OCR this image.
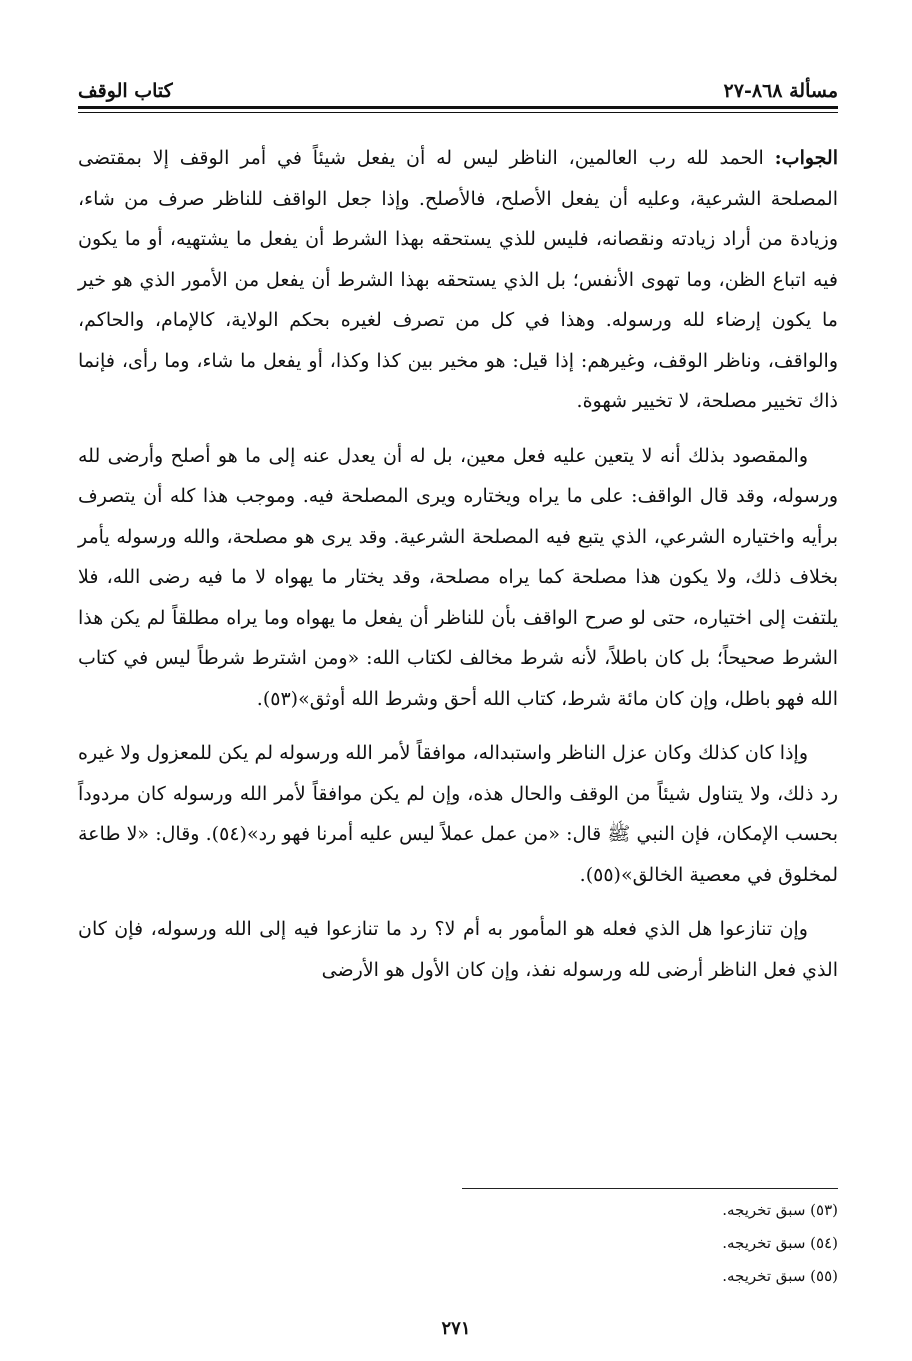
مسألة ٨٦٨-٢٧
كتاب الوقف

الجواب: الحمد لله رب العالمين، الناظر ليس له أن يفعل شيئاً في أمر الوقف إلا بمقتضى المصلحة الشرعية، وعليه أن يفعل الأصلح، فالأصلح. وإذا جعل الواقف للناظر صرف من شاء، وزيادة من أراد زيادته ونقصانه، فليس للذي يستحقه بهذا الشرط أن يفعل ما يشتهيه، أو ما يكون فيه اتباع الظن، وما تهوى الأنفس؛ بل الذي يستحقه بهذا الشرط أن يفعل من الأمور الذي هو خير ما يكون إرضاء لله ورسوله. وهذا في كل من تصرف لغيره بحكم الولاية، كالإمام، والحاكم، والواقف، وناظر الوقف، وغيرهم: إذا قيل: هو مخير بين كذا وكذا، أو يفعل ما شاء، وما رأى، فإنما ذاك تخيير مصلحة، لا تخيير شهوة.

والمقصود بذلك أنه لا يتعين عليه فعل معين، بل له أن يعدل عنه إلى ما هو أصلح وأرضى لله ورسوله، وقد قال الواقف: على ما يراه ويختاره ويرى المصلحة فيه. وموجب هذا كله أن يتصرف برأيه واختياره الشرعي، الذي يتبع فيه المصلحة الشرعية. وقد يرى هو مصلحة، والله ورسوله يأمر بخلاف ذلك، ولا يكون هذا مصلحة كما يراه مصلحة، وقد يختار ما يهواه لا ما فيه رضى الله، فلا يلتفت إلى اختياره، حتى لو صرح الواقف بأن للناظر أن يفعل ما يهواه وما يراه مطلقاً لم يكن هذا الشرط صحيحاً؛ بل كان باطلاً، لأنه شرط مخالف لكتاب الله: «ومن اشترط شرطاً ليس في كتاب الله فهو باطل، وإن كان مائة شرط، كتاب الله أحق وشرط الله أوثق»(٥٣).

وإذا كان كذلك وكان عزل الناظر واستبداله، موافقاً لأمر الله ورسوله لم يكن للمعزول ولا غيره رد ذلك، ولا يتناول شيئاً من الوقف والحال هذه، وإن لم يكن موافقاً لأمر الله ورسوله كان مردوداً بحسب الإمكان، فإن النبي ﷺ قال: «من عمل عملاً ليس عليه أمرنا فهو رد»(٥٤). وقال: «لا طاعة لمخلوق في معصية الخالق»(٥٥).

وإن تنازعوا هل الذي فعله هو المأمور به أم لا؟ رد ما تنازعوا فيه إلى الله ورسوله، فإن كان الذي فعل الناظر أرضى لله ورسوله نفذ، وإن كان الأول هو الأرضى

(٥٣) سبق تخريجه.
(٥٤) سبق تخريجه.
(٥٥) سبق تخريجه.
٢٧١
